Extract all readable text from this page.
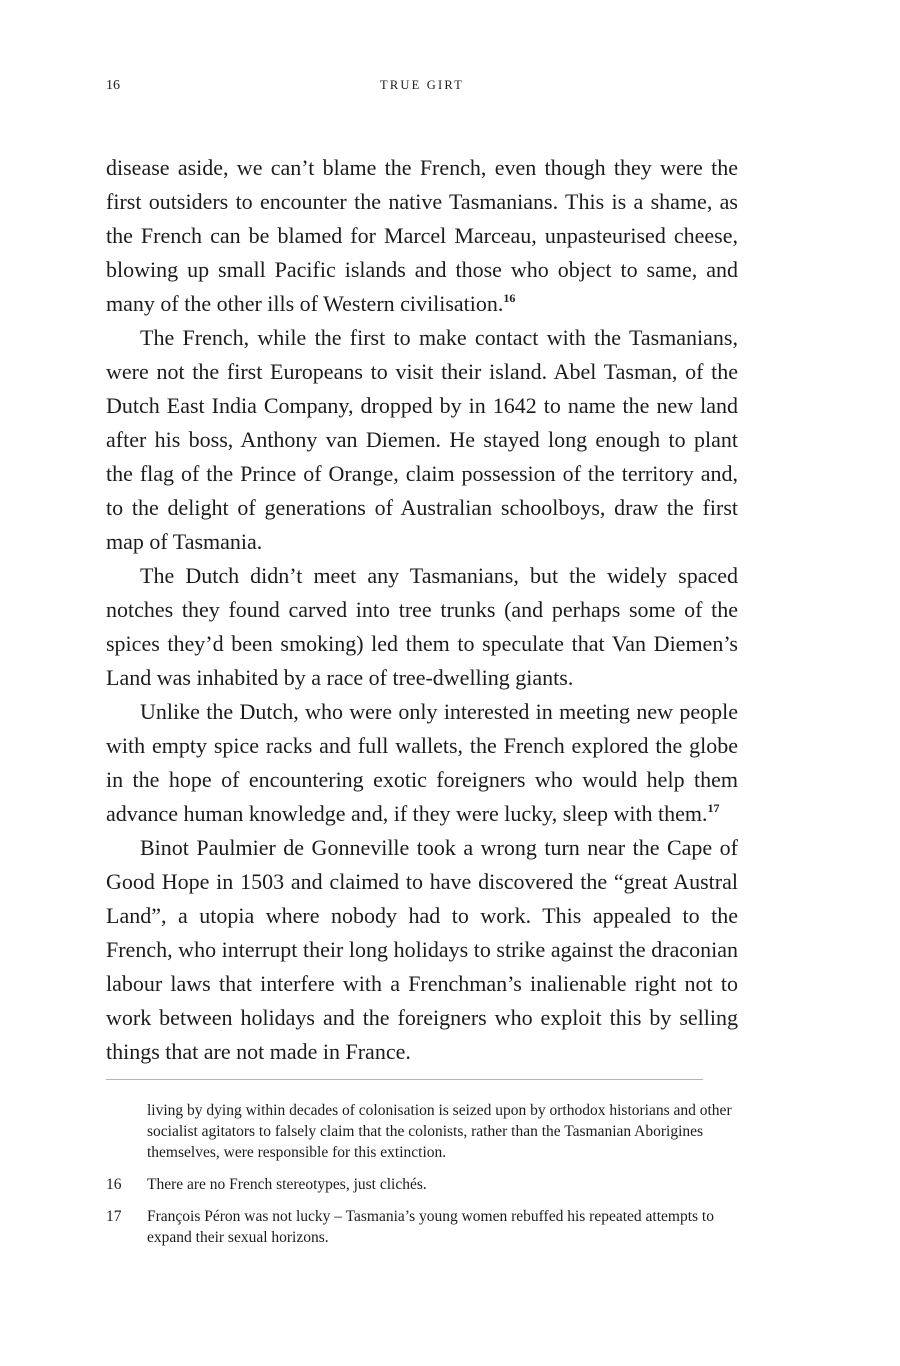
16	TRUE GIRT

disease aside, we can’t blame the French, even though they were the first outsiders to encounter the native Tasmanians. This is a shame, as the French can be blamed for Marcel Marceau, unpasteurised cheese, blowing up small Pacific islands and those who object to same, and many of the other ills of Western civilisation.$^{16}$

The French, while the first to make contact with the Tasmanians, were not the first Europeans to visit their island. Abel Tasman, of the Dutch East India Company, dropped by in 1642 to name the new land after his boss, Anthony van Diemen. He stayed long enough to plant the flag of the Prince of Orange, claim possession of the territory and, to the delight of generations of Australian schoolboys, draw the first map of Tasmania.

The Dutch didn’t meet any Tasmanians, but the widely spaced notches they found carved into tree trunks (and perhaps some of the spices they’d been smoking) led them to speculate that Van Diemen’s Land was inhabited by a race of tree-dwelling giants.

Unlike the Dutch, who were only interested in meeting new people with empty spice racks and full wallets, the French explored the globe in the hope of encountering exotic foreigners who would help them advance human knowledge and, if they were lucky, sleep with them.$^{17}$

Binot Paulmier de Gonneville took a wrong turn near the Cape of Good Hope in 1503 and claimed to have discovered the “great Austral Land”, a utopia where nobody had to work. This appealed to the French, who interrupt their long holidays to strike against the draconian labour laws that interfere with a Frenchman’s inalienable right not to work between holidays and the foreigners who exploit this by selling things that are not made in France.

living by dying within decades of colonisation is seized upon by orthodox historians and other socialist agitators to falsely claim that the colonists, rather than the Tasmanian Aborigines themselves, were responsible for this extinction.

16	There are no French stereotypes, just clichés.
17	François Péron was not lucky – Tasmania’s young women rebuffed his repeated attempts to expand their sexual horizons.
